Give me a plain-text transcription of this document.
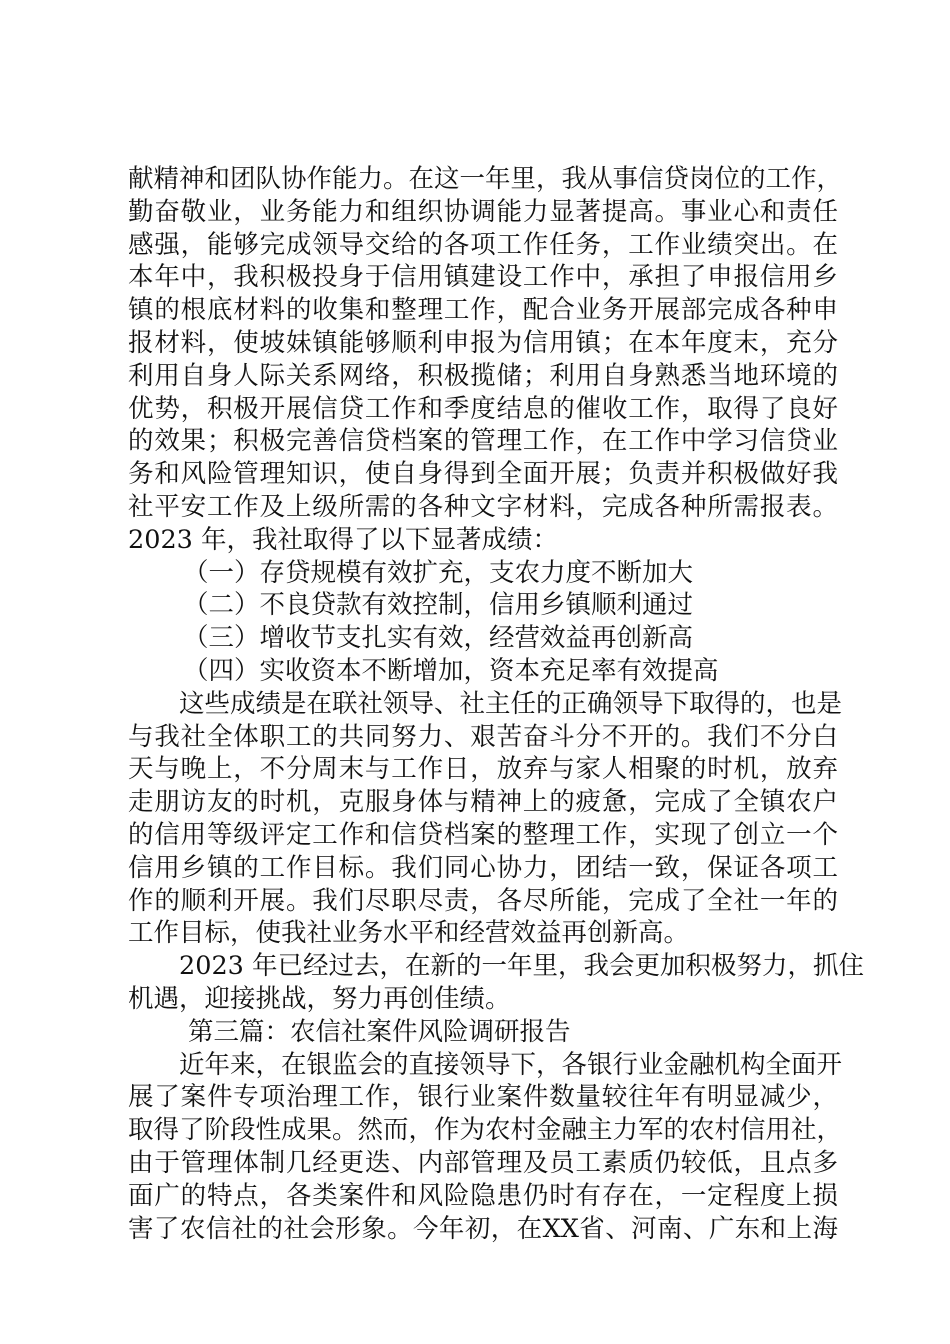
献精神和团队协作能力。在这一年里，我从事信贷岗位的工作，
勤奋敬业，业务能力和组织协调能力显著提高。事业心和责任
感强，能够完成领导交给的各项工作任务，工作业绩突出。在
本年中，我积极投身于信用镇建设工作中，承担了申报信用乡
镇的根底材料的收集和整理工作，配合业务开展部完成各种申
报材料，使坡妹镇能够顺利申报为信用镇；在本年度末，充分
利用自身人际关系网络，积极揽储；利用自身熟悉当地环境的
优势，积极开展信贷工作和季度结息的催收工作，取得了良好
的效果；积极完善信贷档案的管理工作，在工作中学习信贷业
务和风险管理知识，使自身得到全面开展；负责并积极做好我
社平安工作及上级所需的各种文字材料，完成各种所需报表。
2023 年，我社取得了以下显著成绩：
（一）存贷规模有效扩充，支农力度不断加大
（二）不良贷款有效控制，信用乡镇顺利通过
（三）增收节支扎实有效，经营效益再创新高
（四）实收资本不断增加，资本充足率有效提高
这些成绩是在联社领导、社主任的正确领导下取得的，也是
与我社全体职工的共同努力、艰苦奋斗分不开的。我们不分白
天与晚上，不分周末与工作日，放弃与家人相聚的时机，放弃
走朋访友的时机，克服身体与精神上的疲惫，完成了全镇农户
的信用等级评定工作和信贷档案的整理工作，实现了创立一个
信用乡镇的工作目标。我们同心协力，团结一致，保证各项工
作的顺利开展。我们尽职尽责，各尽所能，完成了全社一年的
工作目标，使我社业务水平和经营效益再创新高。
2023 年已经过去，在新的一年里，我会更加积极努力，抓住
机遇，迎接挑战，努力再创佳绩。
第三篇：农信社案件风险调研报告
近年来，在银监会的直接领导下，各银行业金融机构全面开
展了案件专项治理工作，银行业案件数量较往年有明显减少，
取得了阶段性成果。然而，作为农村金融主力军的农村信用社，
由于管理体制几经更迭、内部管理及员工素质仍较低，且点多
面广的特点，各类案件和风险隐患仍时有存在，一定程度上损
害了农信社的社会形象。今年初，在XX省、河南、广东和上海
